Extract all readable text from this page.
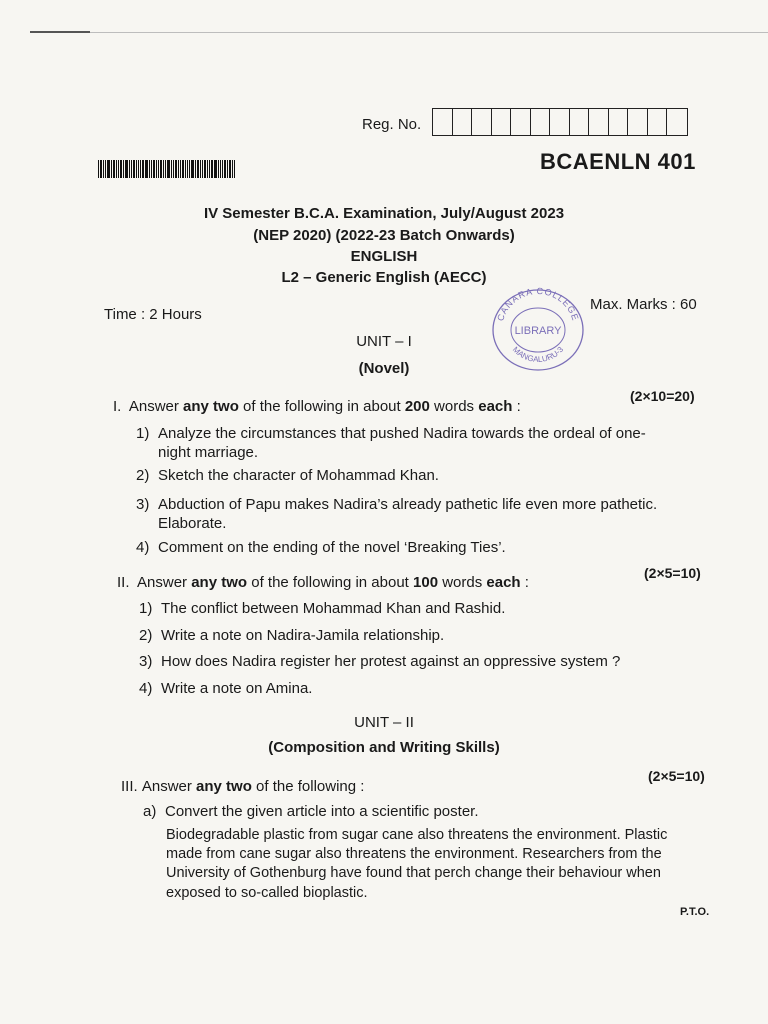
Reg. No.
BCAENLN 401
IV Semester B.C.A. Examination, July/August 2023
(NEP 2020) (2022-23 Batch Onwards)
ENGLISH
L2 – Generic English (AECC)
Time : 2 Hours
Max. Marks : 60
CANARA COLLEGE
LIBRARY
MANGALURU-3
UNIT – I
(Novel)
I. Answer any two of the following in about 200 words each :
(2×10=20)
1) Analyze the circumstances that pushed Nadira towards the ordeal of one-
night marriage.
2) Sketch the character of Mohammad Khan.
3) Abduction of Papu makes Nadira’s already pathetic life even more pathetic.
Elaborate.
4) Comment on the ending of the novel ‘Breaking Ties’.
II. Answer any two of the following in about 100 words each :
(2×5=10)
1) The conflict between Mohammad Khan and Rashid.
2) Write a note on Nadira-Jamila relationship.
3) How does Nadira register her protest against an oppressive system ?
4) Write a note on Amina.
UNIT – II
(Composition and Writing Skills)
III. Answer any two of the following :
(2×5=10)
a) Convert the given article into a scientific poster.
Biodegradable plastic from sugar cane also threatens the environment. Plastic
made from cane sugar also threatens the environment. Researchers from the
University of Gothenburg have found that perch change their behaviour when
exposed to so-called bioplastic.
P.T.O.
